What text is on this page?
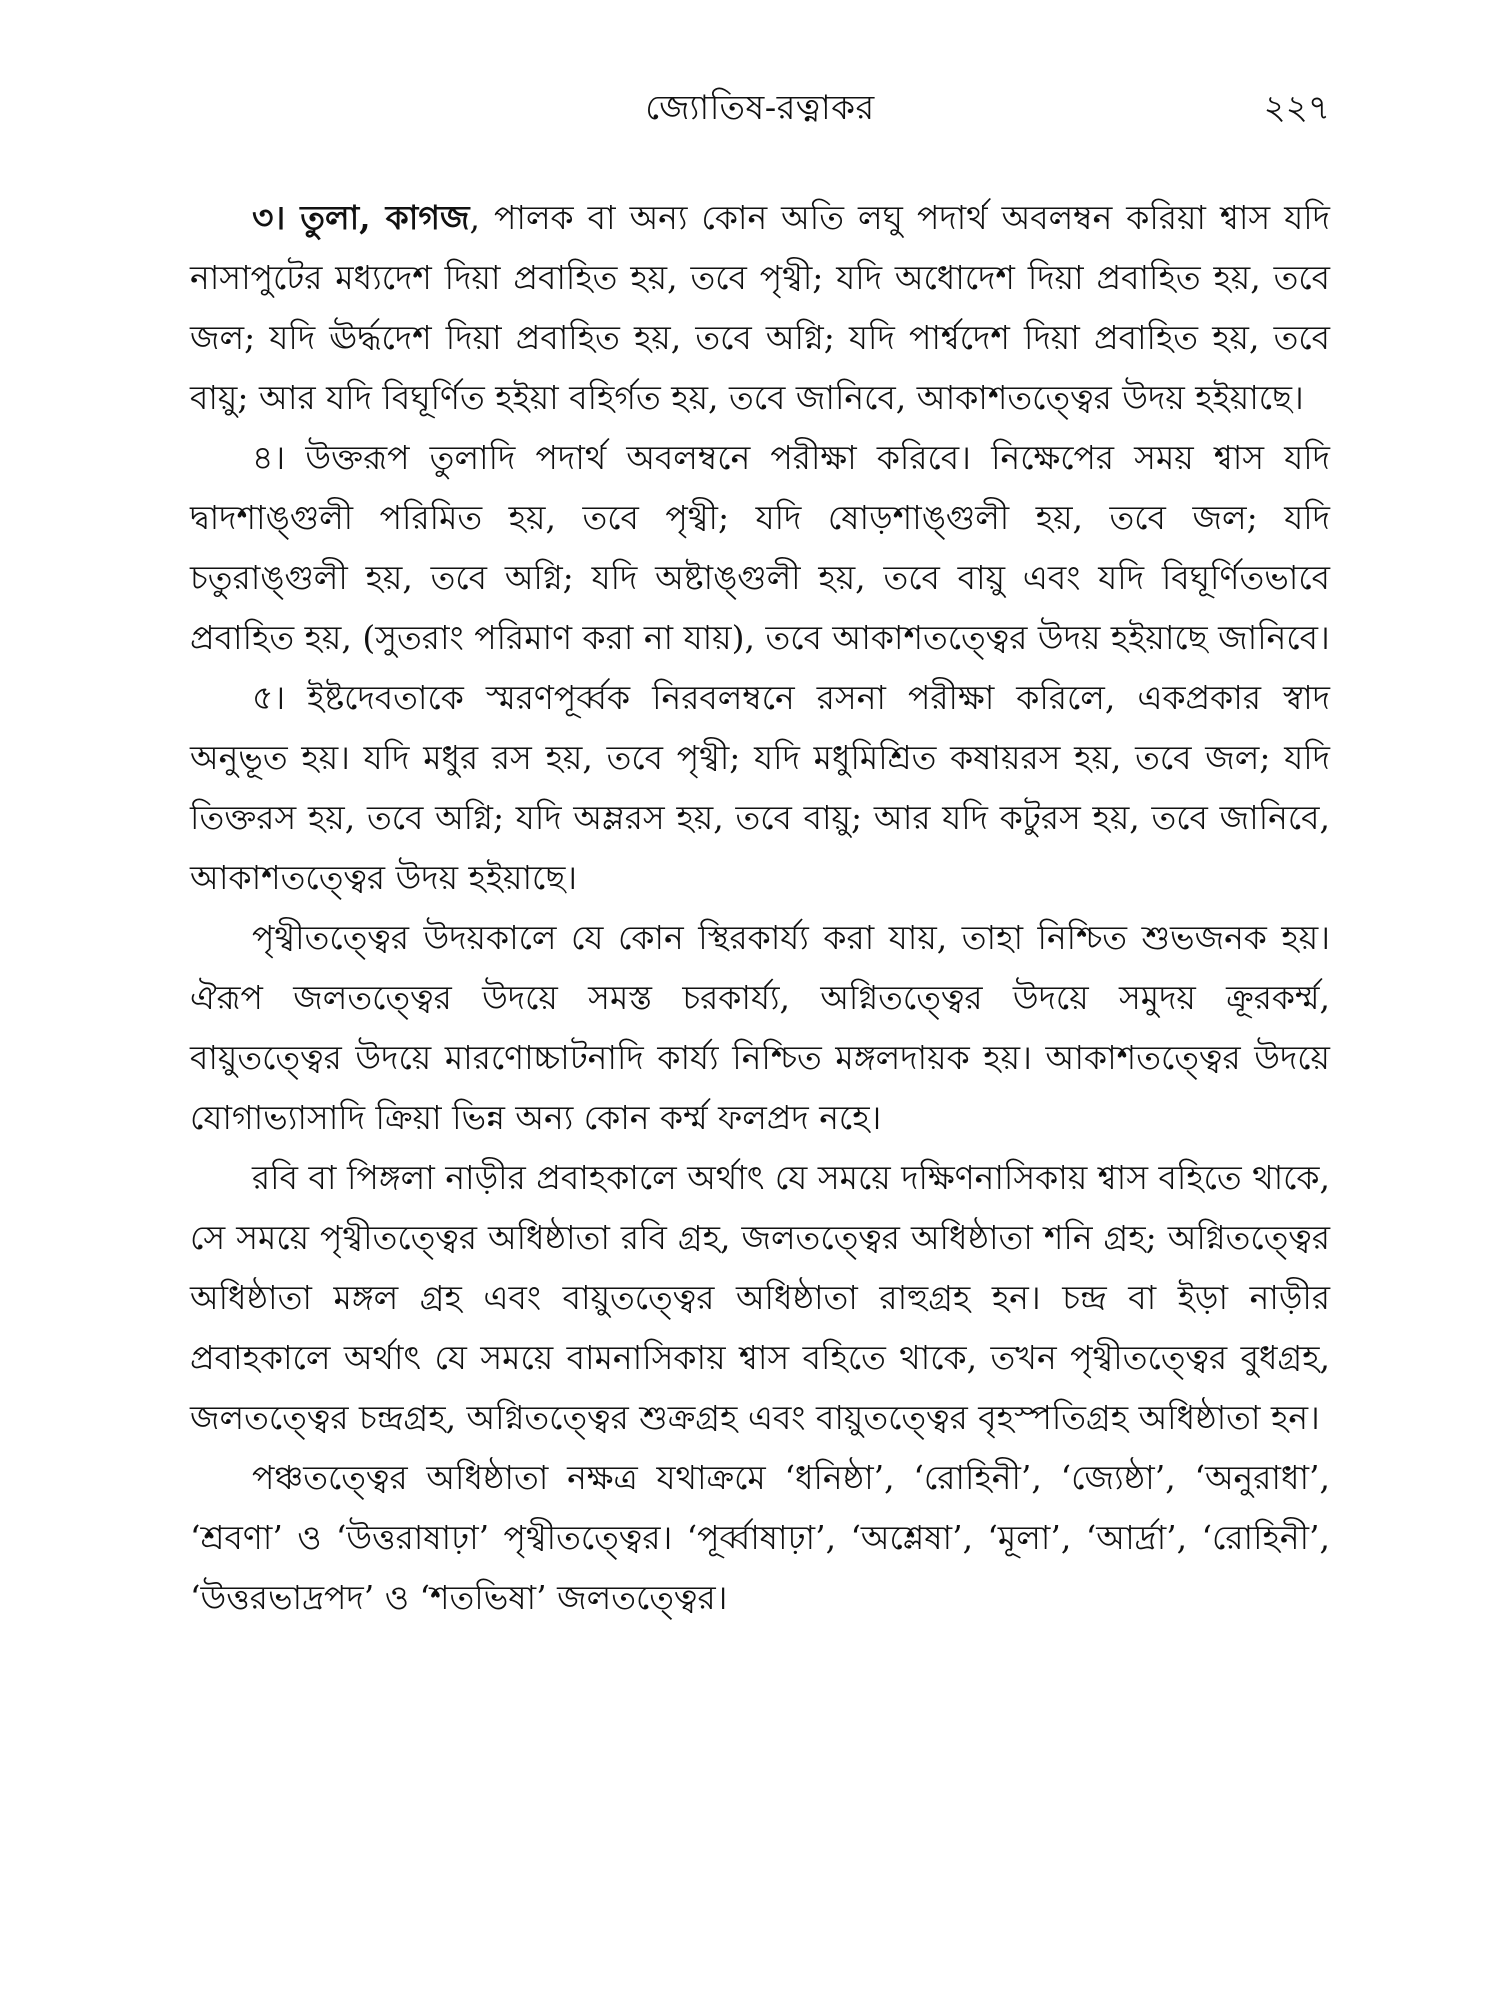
জ্যোতিষ-রত্নাকর	২২৭

৩। তুলা, কাগজ, পালক বা অন্য কোন অতি লঘু পদার্থ অবলম্বন করিয়া শ্বাস যদি নাসাপুটের মধ্যদেশ দিয়া প্রবাহিত হয়, তবে পৃথ্বী; যদি অধোদেশ দিয়া প্রবাহিত হয়, তবে জল; যদি ঊর্দ্ধদেশ দিয়া প্রবাহিত হয়, তবে অগ্নি; যদি পার্শ্বদেশ দিয়া প্রবাহিত হয়, তবে বায়ু; আর যদি বিঘূর্ণিত হইয়া বহির্গত হয়, তবে জানিবে, আকাশতত্ত্বের উদয় হইয়াছে।

৪। উক্তরূপ তুলাদি পদার্থ অবলম্বনে পরীক্ষা করিবে। নিক্ষেপের সময় শ্বাস যদি দ্বাদশাঙ্গুলী পরিমিত হয়, তবে পৃথ্বী; যদি ষোড়শাঙ্গুলী হয়, তবে জল; যদি চতুরাঙ্গুলী হয়, তবে অগ্নি; যদি অষ্টাঙ্গুলী হয়, তবে বায়ু এবং যদি বিঘূর্ণিতভাবে প্রবাহিত হয়, (সুতরাং পরিমাণ করা না যায়), তবে আকাশতত্ত্বের উদয় হইয়াছে জানিবে।

৫। ইষ্টদেবতাকে স্মরণপূর্ব্বক নিরবলম্বনে রসনা পরীক্ষা করিলে, একপ্রকার স্বাদ অনুভূত হয়। যদি মধুর রস হয়, তবে পৃথ্বী; যদি মধুমিশ্রিত কষায়রস হয়, তবে জল; যদি তিক্তরস হয়, তবে অগ্নি; যদি অম্লরস হয়, তবে বায়ু; আর যদি কটুরস হয়, তবে জানিবে, আকাশতত্ত্বের উদয় হইয়াছে।

পৃথ্বীতত্ত্বের উদয়কালে যে কোন স্থিরকার্য্য করা যায়, তাহা নিশ্চিত শুভজনক হয়। ঐরূপ জলতত্ত্বের উদয়ে সমস্ত চরকার্য্য, অগ্নিতত্ত্বের উদয়ে সমুদয় ক্রূরকর্ম্ম, বায়ুতত্ত্বের উদয়ে মারণোচ্চাটনাদি কার্য্য নিশ্চিত মঙ্গলদায়ক হয়। আকাশতত্ত্বের উদয়ে যোগাভ্যাসাদি ক্রিয়া ভিন্ন অন্য কোন কর্ম্ম ফলপ্রদ নহে।

রবি বা পিঙ্গলা নাড়ীর প্রবাহকালে অর্থাৎ যে সময়ে দক্ষিণনাসিকায় শ্বাস বহিতে থাকে, সে সময়ে পৃথ্বীতত্ত্বের অধিষ্ঠাতা রবি গ্রহ, জলতত্ত্বের অধিষ্ঠাতা শনি গ্রহ; অগ্নিতত্ত্বের অধিষ্ঠাতা মঙ্গল গ্রহ এবং বায়ুতত্ত্বের অধিষ্ঠাতা রাহুগ্রহ হন। চন্দ্র বা ইড়া নাড়ীর প্রবাহকালে অর্থাৎ যে সময়ে বামনাসিকায় শ্বাস বহিতে থাকে, তখন পৃথ্বীতত্ত্বের বুধগ্রহ, জলতত্ত্বের চন্দ্রগ্রহ, অগ্নিতত্ত্বের শুক্রগ্রহ এবং বায়ুতত্ত্বের বৃহস্পতিগ্রহ অধিষ্ঠাতা হন।

পঞ্চতত্ত্বের অধিষ্ঠাতা নক্ষত্র যথাক্রমে ‘ধনিষ্ঠা’, ‘রোহিনী’, ‘জ্যেষ্ঠা’, ‘অনুরাধা’, ‘শ্রবণা’ ও ‘উত্তরাষাঢ়া’ পৃথ্বীতত্ত্বের। ‘পূর্ব্বাষাঢ়া’, ‘অশ্লেষা’, ‘মূলা’, ‘আর্দ্রা’, ‘রোহিনী’, ‘উত্তরভাদ্রপদ’ ও ‘শতভিষা’ জলতত্ত্বের।
